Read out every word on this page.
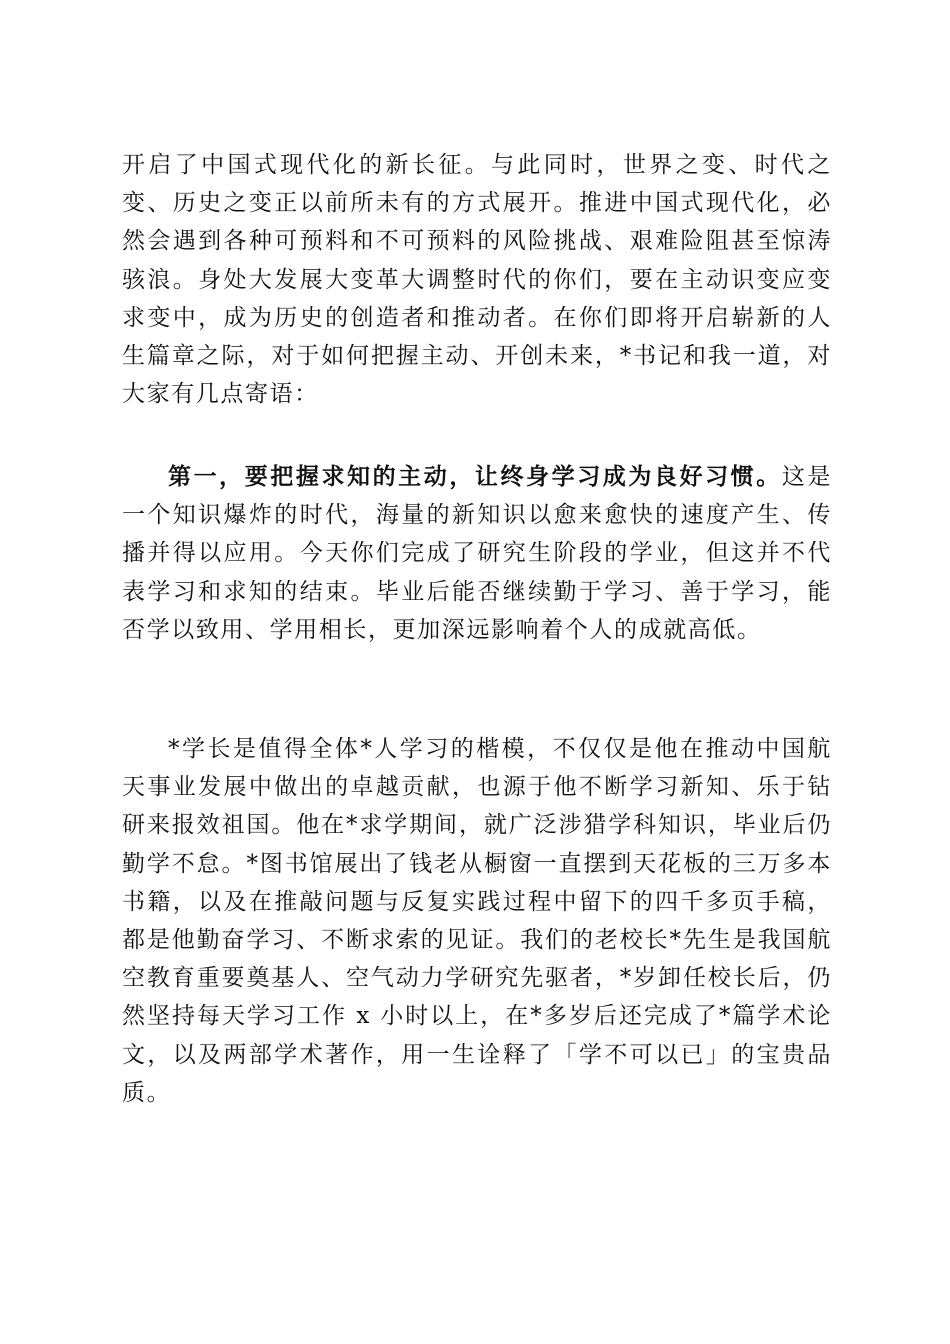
开启了中国式现代化的新长征。与此同时，世界之变、时代之变、历史之变正以前所未有的方式展开。推进中国式现代化，必然会遇到各种可预料和不可预料的风险挑战、艰难险阻甚至惊涛骇浪。身处大发展大变革大调整时代的你们，要在主动识变应变求变中，成为历史的创造者和推动者。在你们即将开启崭新的人生篇章之际，对于如何把握主动、开创未来，*书记和我一道，对大家有几点寄语：

第一，要把握求知的主动，让终身学习成为良好习惯。这是一个知识爆炸的时代，海量的新知识以愈来愈快的速度产生、传播并得以应用。今天你们完成了研究生阶段的学业，但这并不代表学习和求知的结束。毕业后能否继续勤于学习、善于学习，能否学以致用、学用相长，更加深远影响着个人的成就高低。

*学长是值得全体*人学习的楷模，不仅仅是他在推动中国航天事业发展中做出的卓越贡献，也源于他不断学习新知、乐于钻研来报效祖国。他在*求学期间，就广泛涉猎学科知识，毕业后仍勤学不怠。*图书馆展出了钱老从橱窗一直摆到天花板的三万多本书籍，以及在推敲问题与反复实践过程中留下的四千多页手稿，都是他勤奋学习、不断求索的见证。我们的老校长*先生是我国航空教育重要奠基人、空气动力学研究先驱者，*岁卸任校长后，仍然坚持每天学习工作 x 小时以上，在*多岁后还完成了*篇学术论文，以及两部学术著作，用一生诠释了「学不可以已」的宝贵品质。
